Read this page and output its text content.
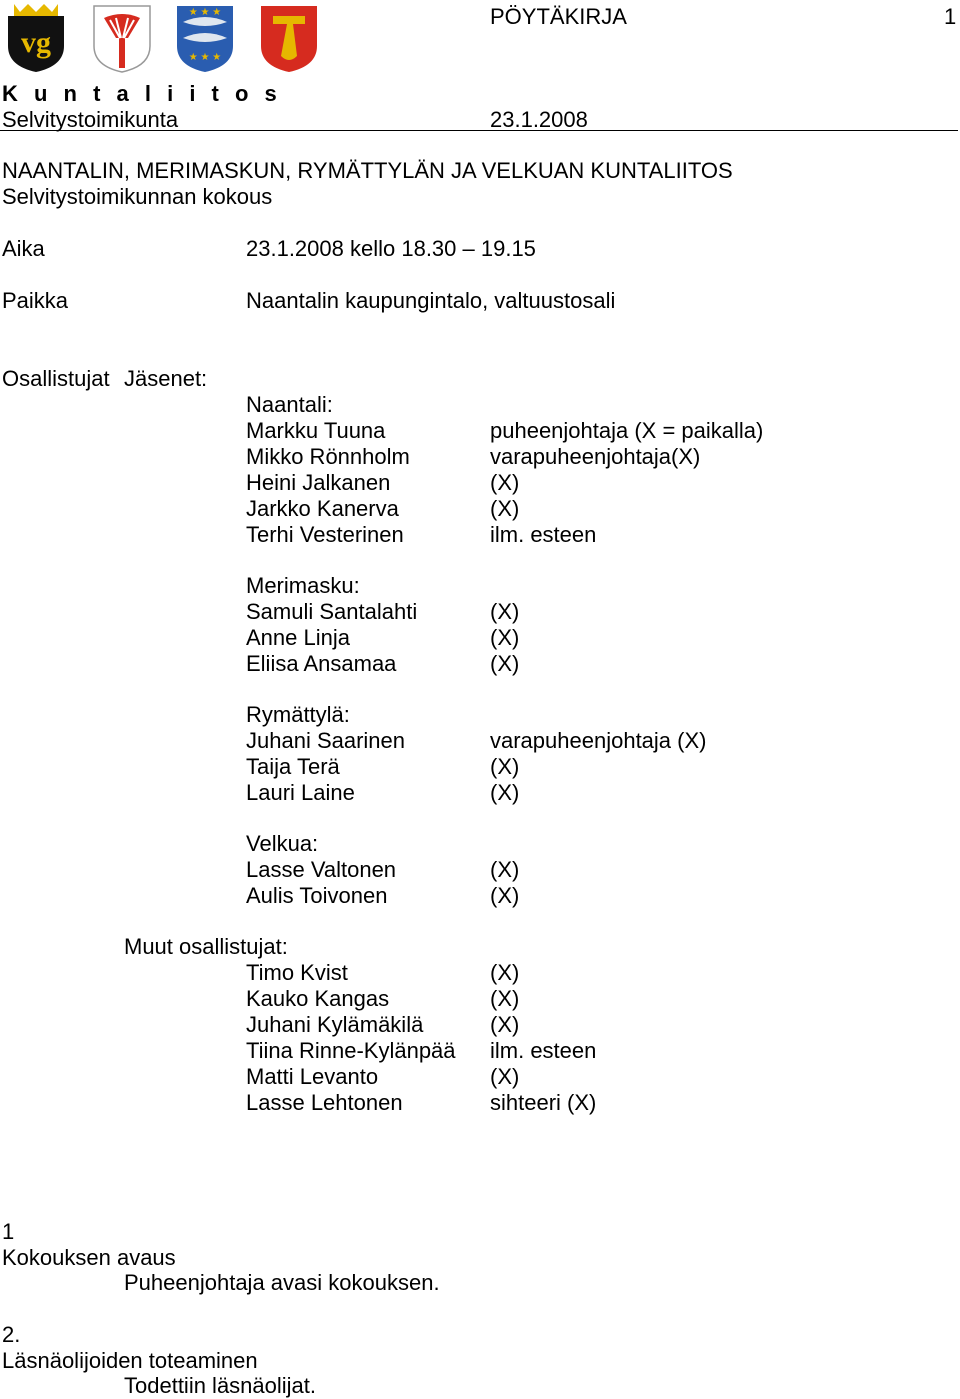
vg
★ ★ ★
★ ★ ★
PÖYTÄKIRJA	1
K u n t a l i i t o s
Selvitystoimikunta	23.1.2008
NAANTALIN, MERIMASKUN, RYMÄTTYLÄN JA VELKUAN KUNTALIITOS
Selvitystoimikunnan kokous
Aika	23.1.2008 kello 18.30 – 19.15
Paikka	Naantalin kaupungintalo, valtuustosali
Osallistujat Jäsenet:
Naantali:
Markku Tuuna	puheenjohtaja (X = paikalla)
Mikko Rönnholm	varapuheenjohtaja(X)
Heini Jalkanen	(X)
Jarkko Kanerva	(X)
Terhi Vesterinen	ilm. esteen
Merimasku:
Samuli Santalahti	(X)
Anne Linja	(X)
Eliisa Ansamaa	(X)
Rymättylä:
Juhani Saarinen	varapuheenjohtaja (X)
Taija Terä	(X)
Lauri Laine	(X)
Velkua:
Lasse Valtonen	(X)
Aulis Toivonen	(X)
Muut osallistujat:
Timo Kvist	(X)
Kauko Kangas	(X)
Juhani Kylämäkilä	(X)
Tiina Rinne-Kylänpää ilm. esteen
Matti Levanto	(X)
Lasse Lehtonen	sihteeri (X)
1
Kokouksen avaus
Puheenjohtaja avasi kokouksen.
2.
Läsnäolijoiden toteaminen
Todettiin läsnäolijat.
